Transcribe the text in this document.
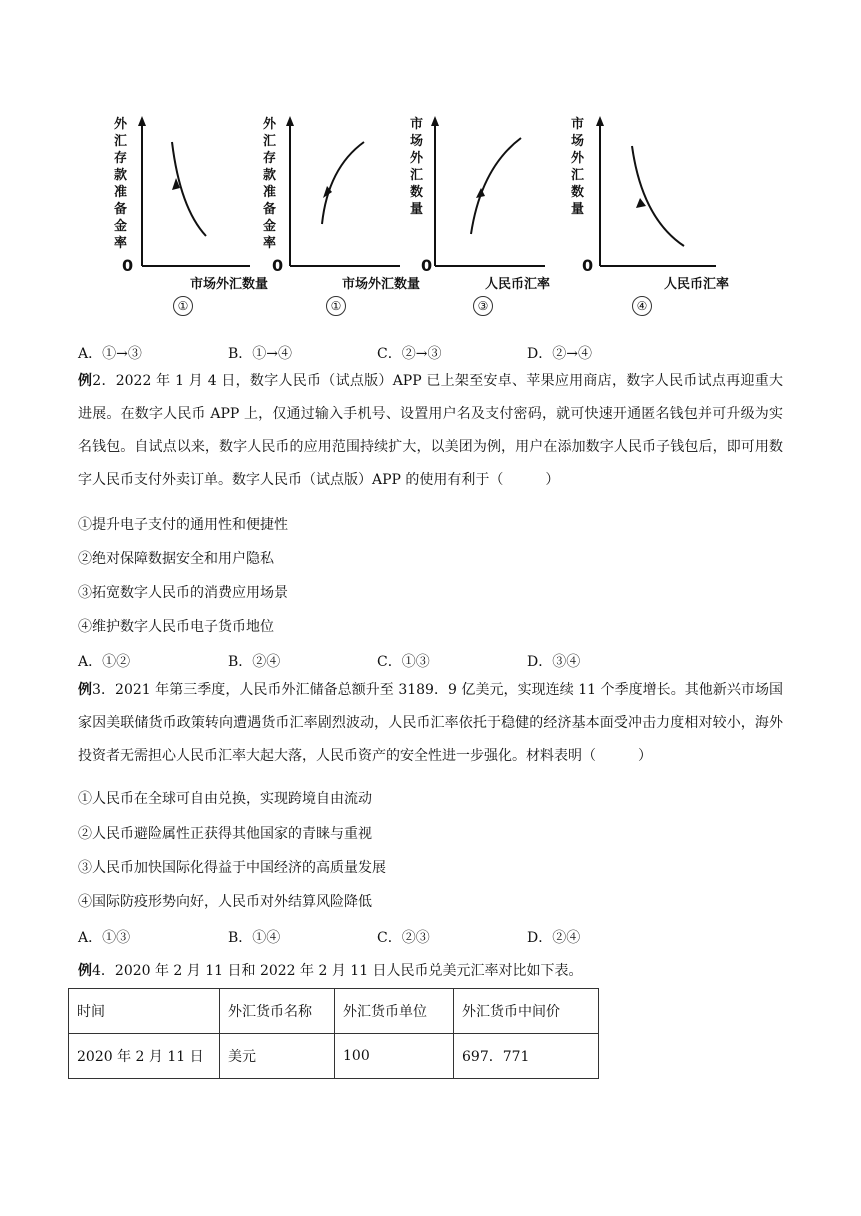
外汇
存款
准备
金率
0
市场外汇数量
①
外汇
存款
准备
金率
0
市场外汇数量
①
市场
外汇
数量
0
人民币汇率
③
市场
外汇
数量
0
人民币汇率
④
A．①→③	B．①→④	C．②→③	D．②→④
例2．2022 年 1 月 4 日，数字人民币（试点版）APP 已上架至安卓、苹果应用商店，数字人民币试点再迎重大进展。在数字人民币 APP 上，仅通过输入手机号、设置用户名及支付密码，就可快速开通匿名钱包并可升级为实名钱包。自试点以来，数字人民币的应用范围持续扩大，以美团为例，用户在添加数字人民币子钱包后，即可用数字人民币支付外卖订单。数字人民币（试点版）APP 的使用有利于（　　　）
①提升电子支付的通用性和便捷性
②绝对保障数据安全和用户隐私
③拓宽数字人民币的消费应用场景
④维护数字人民币电子货币地位
A．①②	B．②④	C．①③	D．③④
例3．2021 年第三季度，人民币外汇储备总额升至 3189．9 亿美元，实现连续 11 个季度增长。其他新兴市场国家因美联储货币政策转向遭遇货币汇率剧烈波动，人民币汇率依托于稳健的经济基本面受冲击力度相对较小，海外投资者无需担心人民币汇率大起大落，人民币资产的安全性进一步强化。材料表明（　　　）
①人民币在全球可自由兑换，实现跨境自由流动
②人民币避险属性正获得其他国家的青睐与重视
③人民币加快国际化得益于中国经济的高质量发展
④国际防疫形势向好，人民币对外结算风险降低
A．①③	B．①④	C．②③	D．②④
例4．2020 年 2 月 11 日和 2022 年 2 月 11 日人民币兑美元汇率对比如下表。
时间	外汇货币名称	外汇货币单位	外汇货币中间价
2020 年 2 月 11 日	美元	100	697．771
